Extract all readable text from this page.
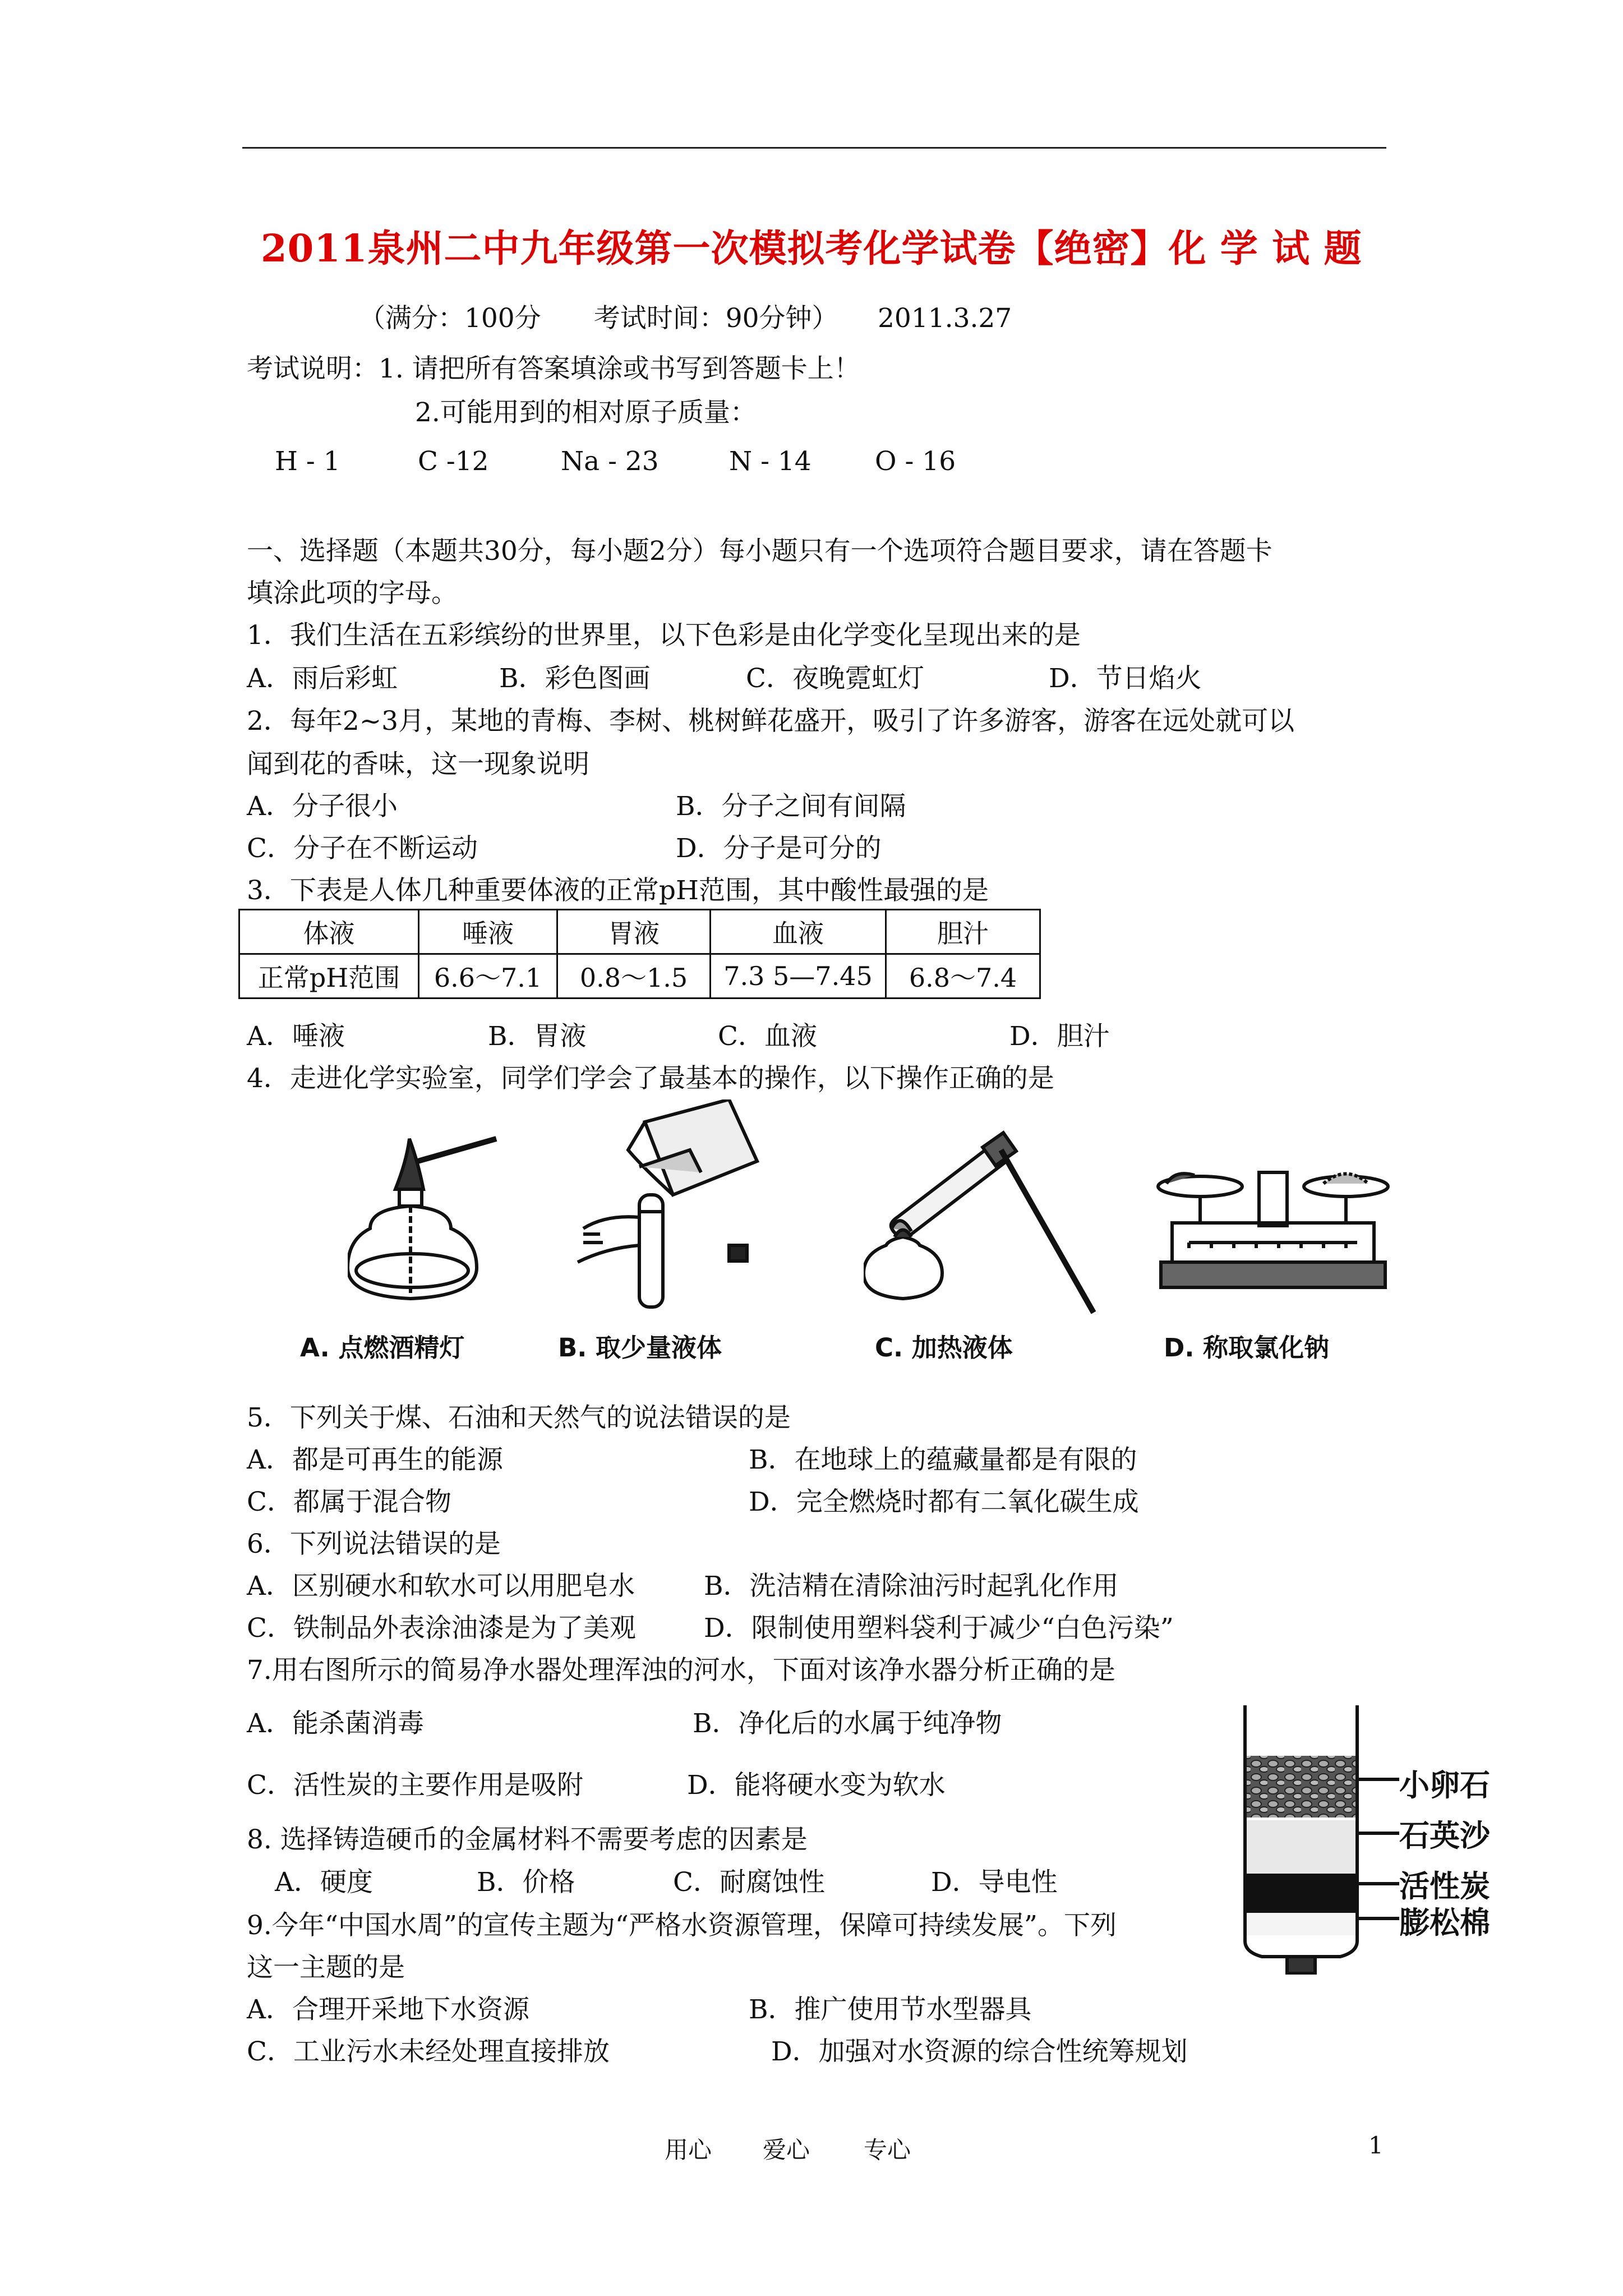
2011泉州二中九年级第一次模拟考化学试卷【绝密】化 学 试 题
（满分：100分　　考试时间：90分钟）　　2011.3.27
考试说明：1. 请把所有答案填涂或书写到答题卡上！
2.可能用到的相对原子质量：
H - 1	C -12	Na - 23	N - 14 O - 16
一、选择题（本题共30分，每小题2分）每小题只有一个选项符合题目要求，请在答题卡
填涂此项的字母。
1．我们生活在五彩缤纷的世界里，以下色彩是由化学变化呈现出来的是
A．雨后彩虹	B．彩色图画	C．夜晚霓虹灯	D．节日焰火
2．每年2~3月，某地的青梅、李树、桃树鲜花盛开，吸引了许多游客，游客在远处就可以
闻到花的香味，这一现象说明
A．分子很小	B．分子之间有间隔
C．分子在不断运动	D．分子是可分的
3．下表是人体几种重要体液的正常pH范围，其中酸性最强的是
体液	唾液	胃液	血液	胆汁
正常pH范围	6.6～7.1	0.8～1.5	7.3 5—7.45	6.8～7.4
A．唾液	B．胃液	C．血液	D．胆汁
4．走进化学实验室，同学们学会了最基本的操作，以下操作正确的是
A. 点燃酒精灯	B. 取少量液体	C. 加热液体	D. 称取氯化钠
5．下列关于煤、石油和天然气的说法错误的是
A．都是可再生的能源	B．在地球上的蕴藏量都是有限的
C．都属于混合物	D．完全燃烧时都有二氧化碳生成
6．下列说法错误的是
A．区别硬水和软水可以用肥皂水	B．洗洁精在清除油污时起乳化作用
C．铁制品外表涂油漆是为了美观	D．限制使用塑料袋利于减少“白色污染”
7.用右图所示的简易净水器处理浑浊的河水，下面对该净水器分析正确的是
A．能杀菌消毒	B．净化后的水属于纯净物
C．活性炭的主要作用是吸附	D．能将硬水变为软水	小卵石
石英沙
活性炭
膨松棉
8. 选择铸造硬币的金属材料不需要考虑的因素是
A．硬度	B．价格	C．耐腐蚀性	D．导电性
9.今年“中国水周”的宣传主题为“严格水资源管理，保障可持续发展”。下列
这一主题的是
A．合理开采地下水资源	B．推广使用节水型器具
C．工业污水未经处理直接排放	D．加强对水资源的综合性统筹规划
用心 爱心 专心	1
